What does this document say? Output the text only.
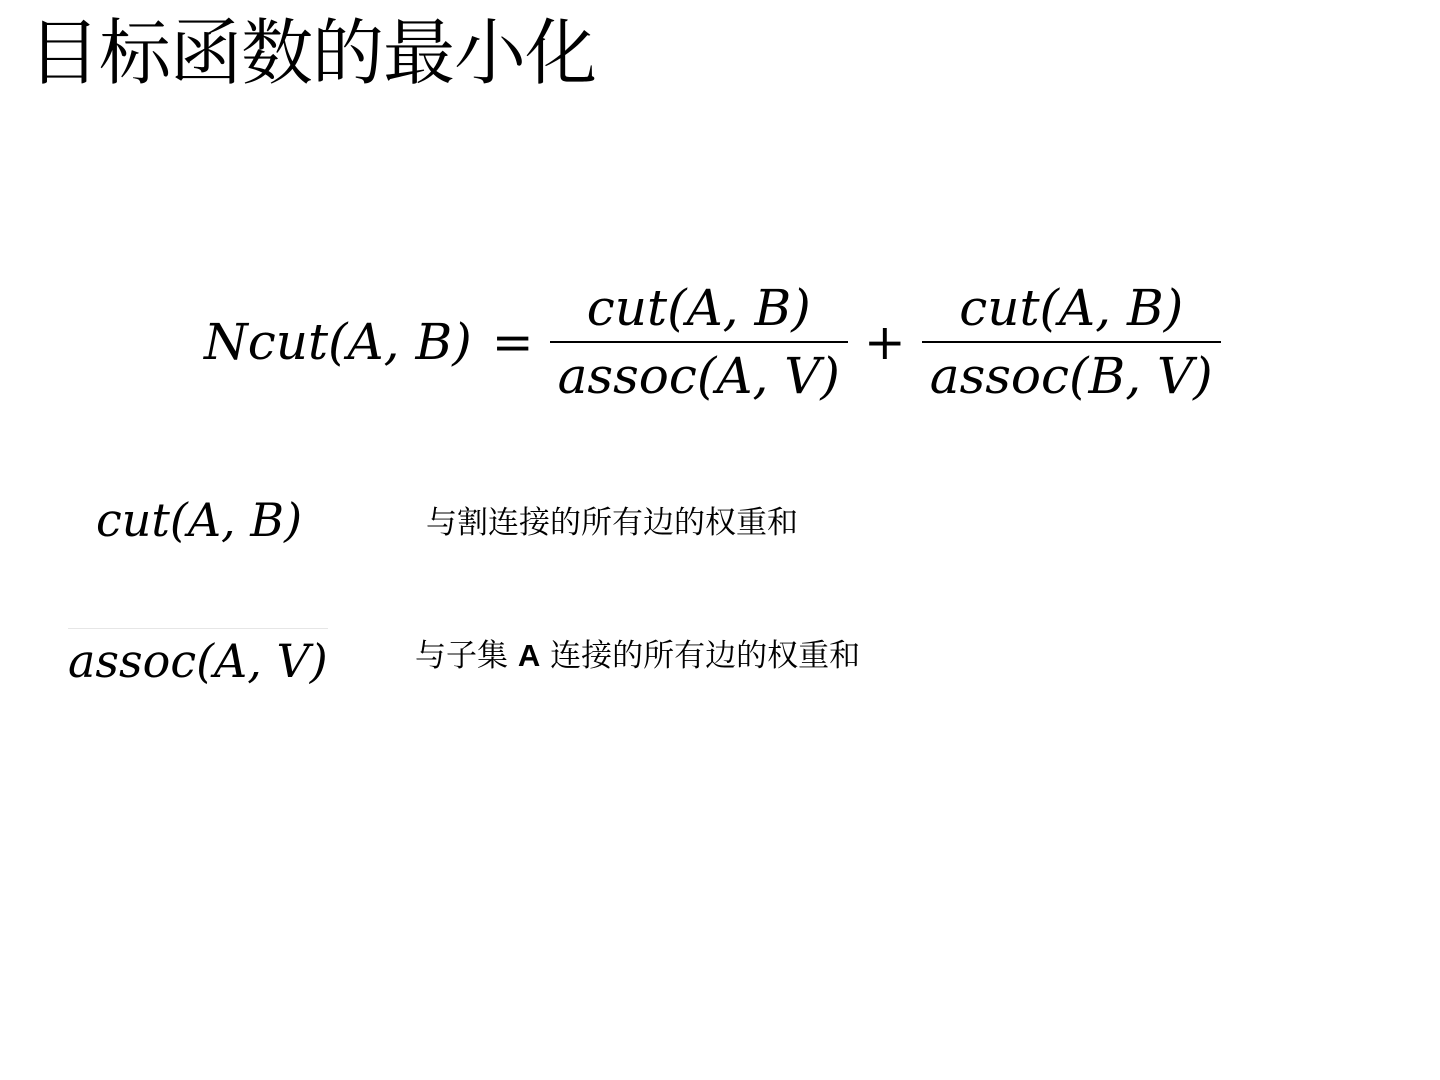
目标函数的最小化
Ncut(A, $B) = \frac{\text{cut(A, B)}}{\text{assoc(A, V)}} + \frac{\text{cut(A, B)}}{\text{assoc(B, V)}}$
cut(A, B)	与割连接的所有边的权重和
assoc(A, V)	与子集 A 连接的所有边的权重和
